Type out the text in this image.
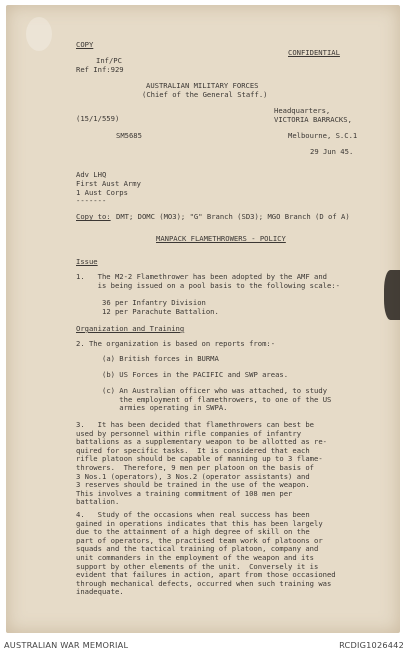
COPY
Inf/PC
Ref Inf:929
CONFIDENTIAL
AUSTRALIAN MILITARY FORCES
(Chief of the General Staff.)
Headquarters,
VICTORIA BARRACKS,
(15/1/559)
SM5685	Melbourne, S.C.1
29 Jun 45.
Adv LHQ
First Aust Army
1 Aust Corps
-------
Copy to: DMT; DOMC (MO3); "G" Branch (SD3); MGO Branch (D of A)
MANPACK FLAMETHROWERS - POLICY
Issue
1.   The M2-2 Flamethrower has been adopted by the AMF and
is being issued on a pool basis to the following scale:-
36 per Infantry Division
12 per Parachute Battalion.
Organization and Training
2. The organization is based on reports from:-
(a) British forces in BURMA
(b) US Forces in the PACIFIC and SWP areas.
(c) An Australian officer who was attached, to study
the employment of flamethrowers, to one of the US
armies operating in SWPA.
3.   It has been decided that flamethrowers can best be
used by personnel within rifle companies of infantry
battalions as a supplementary weapon to be allotted as re-
quired for specific tasks.  It is considered that each
rifle platoon should be capable of manning up to 3 flame-
throwers.  Therefore, 9 men per platoon on the basis of
3 Nos.1 (operators), 3 Nos.2 (operator assistants) and
3 reserves should be trained in the use of the weapon.
This involves a training commitment of 108 men per
battalion.
4.   Study of the occasions when real success has been
gained in operations indicates that this has been largely
due to the attainment of a high degree of skill on the
part of operators, the practised team work of platoons or
squads and the tactical training of platoon, company and
unit commanders in the employment of the weapon and its
support by other elements of the unit.  Conversely it is
evident that failures in action, apart from those occasioned
through mechanical defects, occurred when such training was
inadequate.
AUSTRALIAN WAR MEMORIAL	RCDIG1026442
